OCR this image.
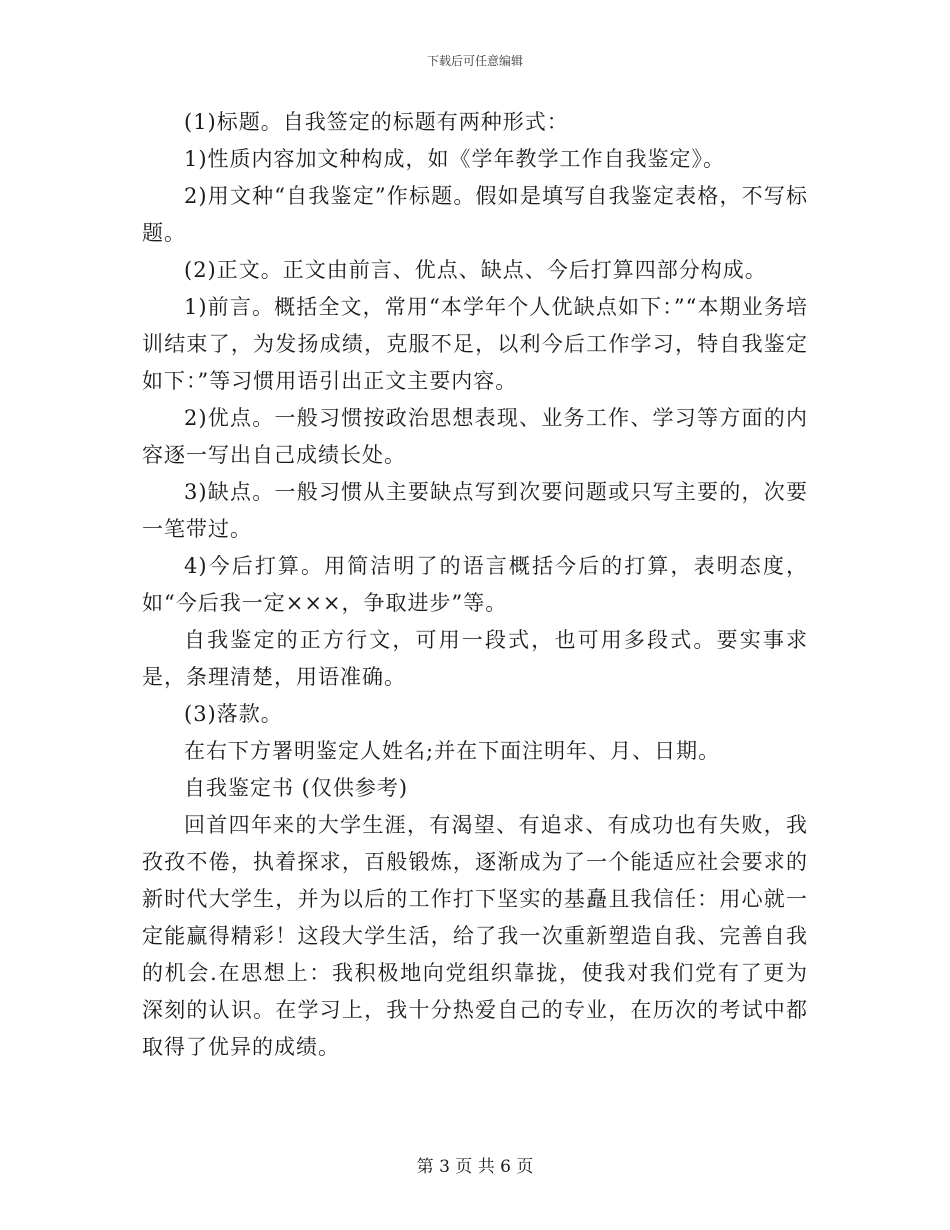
下载后可任意编辑

(1)标题。自我签定的标题有两种形式：

1)性质内容加文种构成，如《学年教学工作自我鉴定》。

2)用文种“自我鉴定”作标题。假如是填写自我鉴定表格，不写标题。

(2)正文。正文由前言、优点、缺点、今后打算四部分构成。

1)前言。概括全文，常用“本学年个人优缺点如下：”“本期业务培训结束了，为发扬成绩，克服不足，以利今后工作学习，特自我鉴定如下：”等习惯用语引出正文主要内容。

2)优点。一般习惯按政治思想表现、业务工作、学习等方面的内容逐一写出自己成绩长处。

3)缺点。一般习惯从主要缺点写到次要问题或只写主要的，次要一笔带过。

4)今后打算。用简洁明了的语言概括今后的打算，表明态度，如“今后我一定×××，争取进步”等。

自我鉴定的正方行文，可用一段式，也可用多段式。要实事求是，条理清楚，用语准确。

(3)落款。

在右下方署明鉴定人姓名;并在下面注明年、月、日期。

自我鉴定书 (仅供参考)

回首四年来的大学生涯，有渴望、有追求、有成功也有失败，我孜孜不倦，执着探求，百般锻炼，逐渐成为了一个能适应社会要求的新时代大学生，并为以后的工作打下坚实的基矗且我信任：用心就一定能赢得精彩！这段大学生活，给了我一次重新塑造自我、完善自我的机会.在思想上：我积极地向党组织靠拢，使我对我们党有了更为深刻的认识。在学习上，我十分热爱自己的专业，在历次的考试中都取得了优异的成绩。

第 3 页 共 6 页
